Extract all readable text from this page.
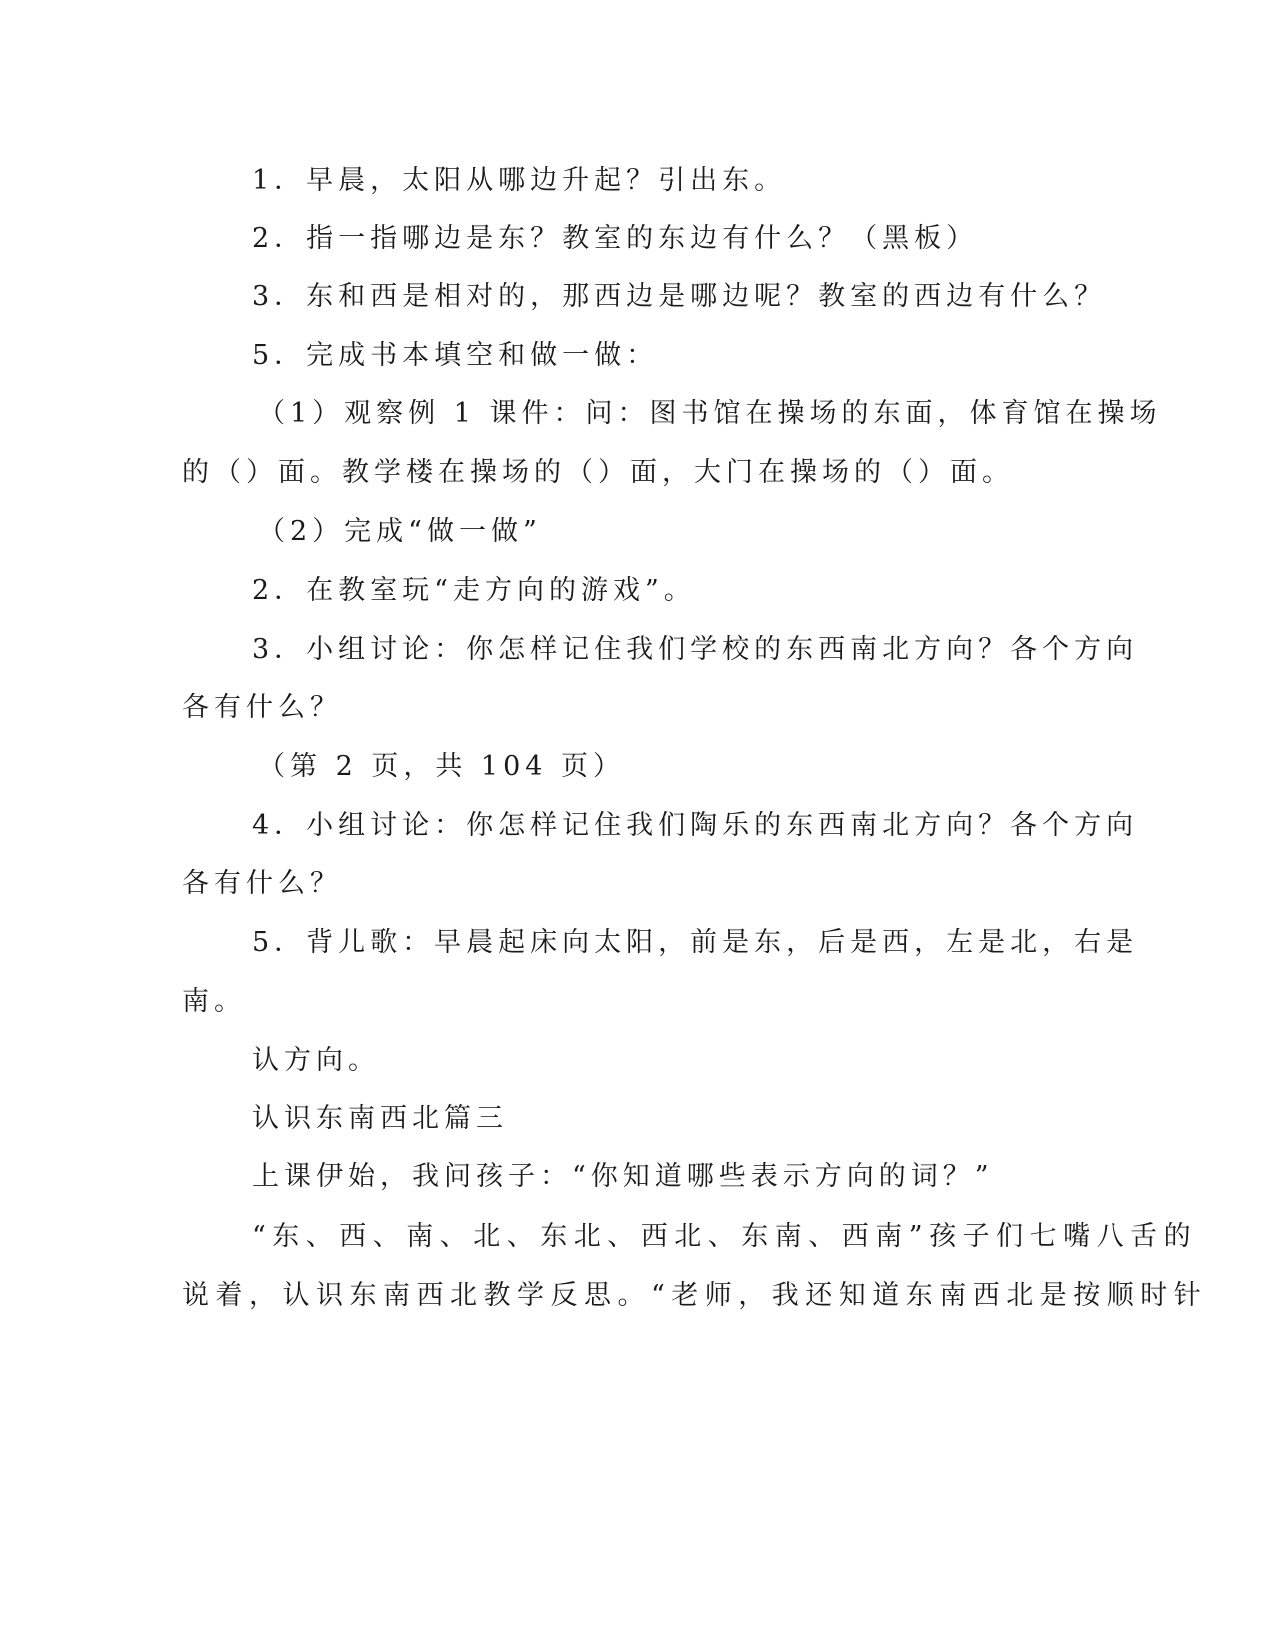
1．早晨，太阳从哪边升起？引出东。
2．指一指哪边是东？教室的东边有什么？（黑板）
3．东和西是相对的，那西边是哪边呢？教室的西边有什么？
5．完成书本填空和做一做：
（1）观察例 1 课件：问：图书馆在操场的东面，体育馆在操场
的（）面。教学楼在操场的（）面，大门在操场的（）面。
（2）完成“做一做”
2．在教室玩“走方向的游戏”。
3．小组讨论：你怎样记住我们学校的东西南北方向？各个方向
各有什么？
（第 2 页，共 104 页）
4．小组讨论：你怎样记住我们陶乐的东西南北方向？各个方向
各有什么？
5．背儿歌：早晨起床向太阳，前是东，后是西，左是北，右是
南。
认方向。
认识东南西北篇三
上课伊始，我问孩子：“你知道哪些表示方向的词？”
“东、西、南、北、东北、西北、东南、西南”孩子们七嘴八舌的
说着，认识东南西北教学反思。“老师，我还知道东南西北是按顺时针
